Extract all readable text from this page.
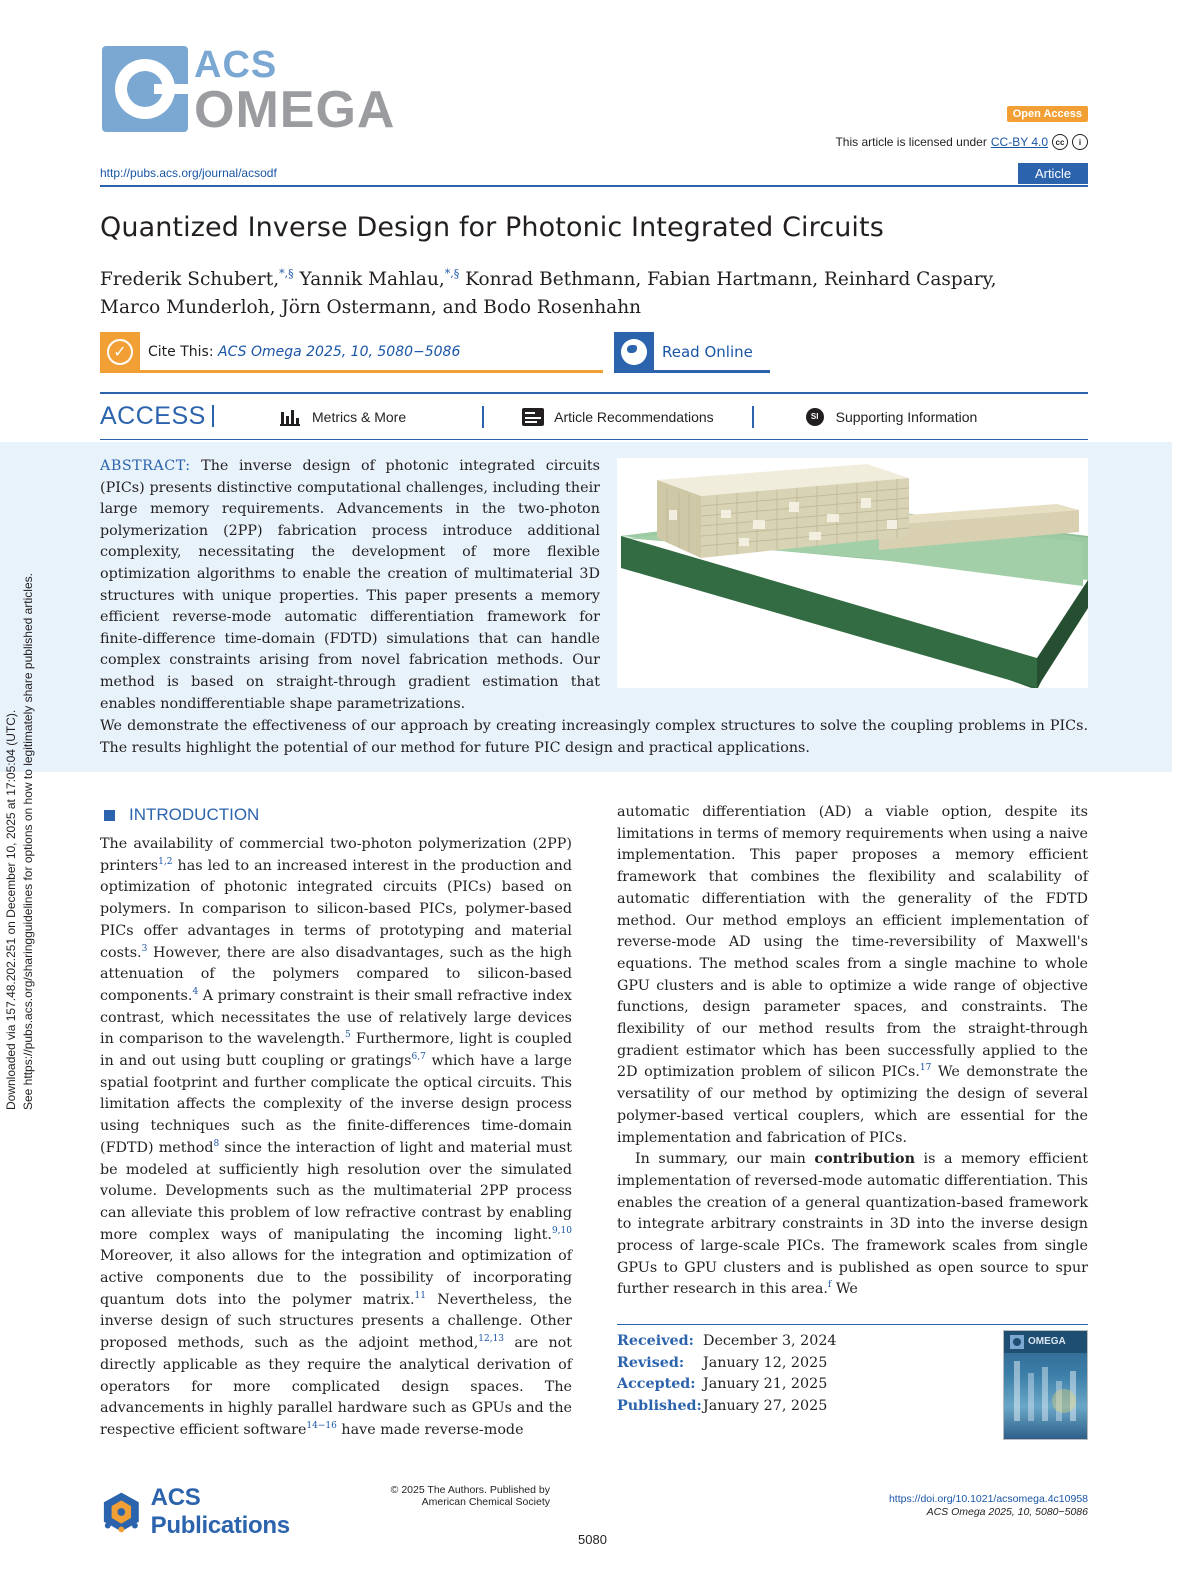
ACS
OMEGA	Open Access
This article is licensed under CC-BY 4.0 cc	i
http://pubs.acs.org/journal/acsodf	Article
Quantized Inverse Design for Photonic Integrated Circuits
Frederik Schubert,*,§ Yannik Mahlau,*,§ Konrad Bethmann, Fabian Hartmann, Reinhard Caspary,
Marco Munderloh, Jörn Ostermann, and Bodo Rosenhahn
✓	Cite This: ACS Omega 2025, 10, 5080−5086	Read Online
ACCESS	Metrics & More	Article Recommendations	SI	Supporting Information
ABSTRACT: The inverse design of photonic integrated circuits (PICs) presents distinctive computational challenges, including their large memory requirements. Advancements in the two-photon polymerization (2PP) fabrication process introduce additional complexity, necessitating the development of more flexible optimization algorithms to enable the creation of multimaterial 3D structures with unique properties. This paper presents a memory efficient reverse-mode automatic differentiation framework for finite-difference time-domain (FDTD) simulations that can handle complex constraints arising from novel fabrication methods. Our method is based on straight-through gradient estimation that enables nondifferentiable shape parametrizations.
We demonstrate the effectiveness of our approach by creating increasingly complex structures to solve the coupling problems in PICs. The results highlight the potential of our method for future PIC design and practical applications.
Downloaded via 157.48.202.251 on December 10, 2025 at 17:05:04 (UTC). See https://pubs.acs.org/sharingguidelines for options on how to legitimately share published articles.	INTRODUCTION
The availability of commercial two-photon polymerization (2PP) printers$^{1,2}$ has led to an increased interest in the production and optimization of photonic integrated circuits (PICs) based on polymers. In comparison to silicon-based PICs, polymer-based PICs offer advantages in terms of prototyping and material costs.$^3$ However, there are also disadvantages, such as the high attenuation of the polymers compared to silicon-based components.$^4$ A primary constraint is their small refractive index contrast, which necessitates the use of relatively large devices in comparison to the wavelength.$^5$ Furthermore, light is coupled in and out using butt coupling or gratings$^{6,7}$ which have a large spatial footprint and further complicate the optical circuits. This limitation affects the complexity of the inverse design process using techniques such as the finite-differences time-domain (FDTD) method$^8$ since the interaction of light and material must be modeled at sufficiently high resolution over the simulated volume. Developments such as the multimaterial 2PP process can alleviate this problem of low refractive contrast by enabling more complex ways of manipulating the incoming light.$^{9,10}$ Moreover, it also allows for the integration and optimization of active components due to the possibility of incorporating quantum dots into the polymer matrix.$^{11}$ Nevertheless, the inverse design of such structures presents a challenge. Other proposed methods, such as the adjoint method,$^{12,13}$ are not directly applicable as they require the analytical derivation of operators for more complicated design spaces. The advancements in highly parallel hardware such as GPUs and the respective efficient software$^{14-16}$ have made reverse-mode

automatic differentiation (AD) a viable option, despite its limitations in terms of memory requirements when using a naive implementation. This paper proposes a memory efficient framework that combines the flexibility and scalability of automatic differentiation with the generality of the FDTD method. Our method employs an efficient implementation of reverse-mode AD using the time-reversibility of Maxwell's equations. The method scales from a single machine to whole GPU clusters and is able to optimize a wide range of objective functions, design parameter spaces, and constraints. The flexibility of our method results from the straight-through gradient estimator which has been successfully applied to the 2D optimization problem of silicon PICs.$^{17}$ We demonstrate the versatility of our method by optimizing the design of several polymer-based vertical couplers, which are essential for the implementation and fabrication of PICs.

In summary, our main contribution is a memory efficient implementation of reversed-mode automatic differentiation. This enables the creation of a general quantization-based framework to integrate arbitrary constraints in 3D into the inverse design process of large-scale PICs. The framework scales from single GPUs to GPU clusters and is published as open source to spur further research in this area.$^f$ We

Received: December 3, 2024
Revised:	January 12, 2025
Accepted: January 21, 2025
Published: January 27, 2025
OMEGA
ACS Publications
© 2025 The Authors. Published by
American Chemical Society
5080
https://doi.org/10.1021/acsomega.4c10958
ACS Omega 2025, 10, 5080−5086
